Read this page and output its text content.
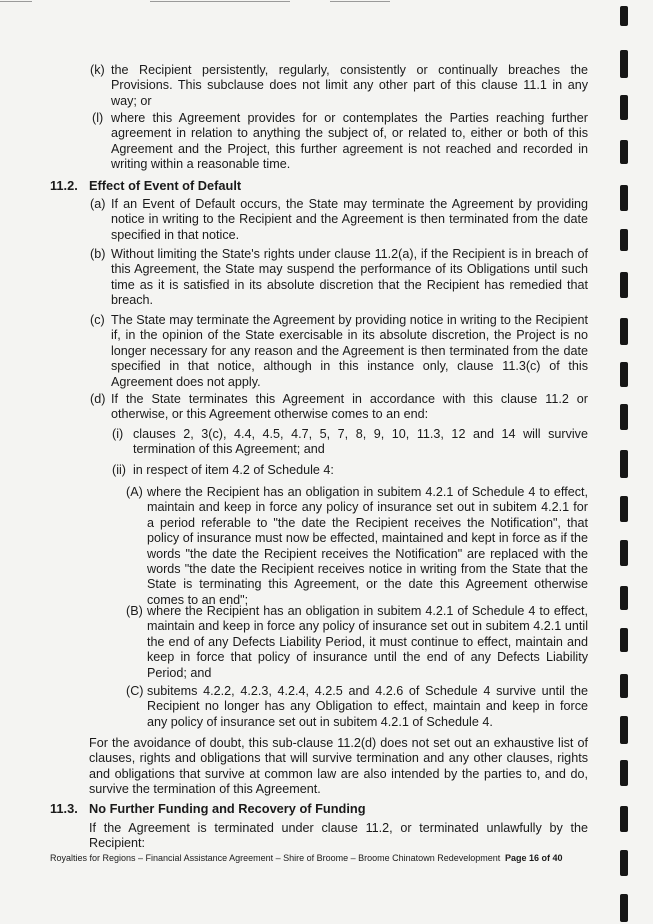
(k) the Recipient persistently, regularly, consistently or continually breaches the Provisions. This subclause does not limit any other part of this clause 11.1 in any way; or

(l) where this Agreement provides for or contemplates the Parties reaching further agreement in relation to anything the subject of, or related to, either or both of this Agreement and the Project, this further agreement is not reached and recorded in writing within a reasonable time.

11.2. Effect of Event of Default
(a) If an Event of Default occurs, the State may terminate the Agreement by providing notice in writing to the Recipient and the Agreement is then terminated from the date specified in that notice.

(b) Without limiting the State's rights under clause 11.2(a), if the Recipient is in breach of this Agreement, the State may suspend the performance of its Obligations until such time as it is satisfied in its absolute discretion that the Recipient has remedied that breach.

(c) The State may terminate the Agreement by providing notice in writing to the Recipient if, in the opinion of the State exercisable in its absolute discretion, the Project is no longer necessary for any reason and the Agreement is then terminated from the date specified in that notice, although in this instance only, clause 11.3(c) of this Agreement does not apply.

(d) If the State terminates this Agreement in accordance with this clause 11.2 or otherwise, or this Agreement otherwise comes to an end:

(i) clauses 2, 3(c), 4.4, 4.5, 4.7, 5, 7, 8, 9, 10, 11.3, 12 and 14 will survive termination of this Agreement; and

(ii) in respect of item 4.2 of Schedule 4:

(A) where the Recipient has an obligation in subitem 4.2.1 of Schedule 4 to effect, maintain and keep in force any policy of insurance set out in subitem 4.2.1 for a period referable to "the date the Recipient receives the Notification", that policy of insurance must now be effected, maintained and kept in force as if the words "the date the Recipient receives the Notification" are replaced with the words "the date the Recipient receives notice in writing from the State that the State is terminating this Agreement, or the date this Agreement otherwise comes to an end";

(B) where the Recipient has an obligation in subitem 4.2.1 of Schedule 4 to effect, maintain and keep in force any policy of insurance set out in subitem 4.2.1 until the end of any Defects Liability Period, it must continue to effect, maintain and keep in force that policy of insurance until the end of any Defects Liability Period; and

(C) subitems 4.2.2, 4.2.3, 4.2.4, 4.2.5 and 4.2.6 of Schedule 4 survive until the Recipient no longer has any Obligation to effect, maintain and keep in force any policy of insurance set out in subitem 4.2.1 of Schedule 4.

For the avoidance of doubt, this sub-clause 11.2(d) does not set out an exhaustive list of clauses, rights and obligations that will survive termination and any other clauses, rights and obligations that survive at common law are also intended by the parties to, and do, survive the termination of this Agreement.

11.3. No Further Funding and Recovery of Funding

If the Agreement is terminated under clause 11.2, or terminated unlawfully by the Recipient:

Royalties for Regions – Financial Assistance Agreement – Shire of Broome – Broome Chinatown Redevelopment Page 16 of 40
